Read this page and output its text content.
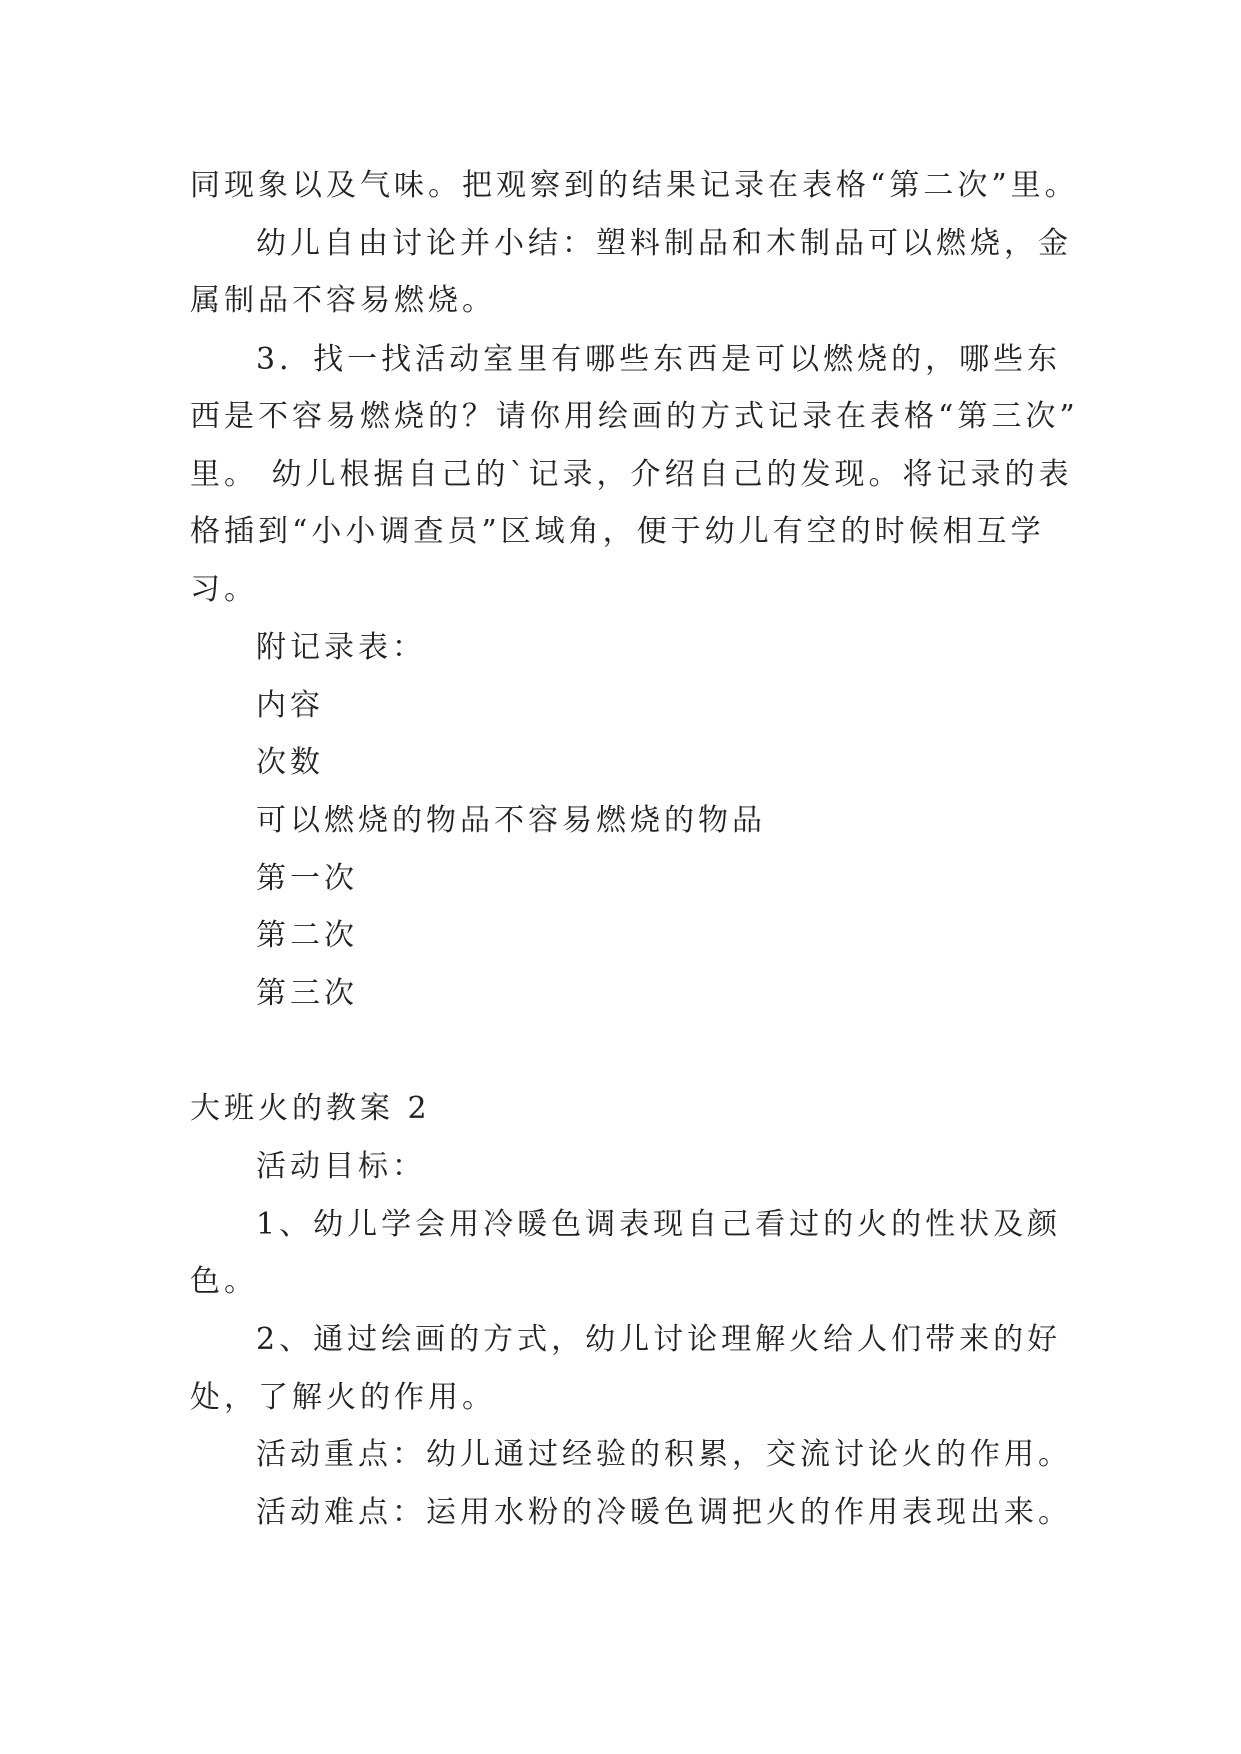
同现象以及气味。把观察到的结果记录在表格“第二次”里。
幼儿自由讨论并小结：塑料制品和木制品可以燃烧，金
属制品不容易燃烧。
3．找一找活动室里有哪些东西是可以燃烧的，哪些东
西是不容易燃烧的？请你用绘画的方式记录在表格“第三次”
里。 幼儿根据自己的`记录，介绍自己的发现。将记录的表
格插到“小小调查员”区域角，便于幼儿有空的时候相互学
习。
附记录表：
内容
次数
可以燃烧的物品不容易燃烧的物品
第一次
第二次
第三次
大班火的教案 2
活动目标：
1、幼儿学会用冷暖色调表现自己看过的火的性状及颜
色。
2、通过绘画的方式，幼儿讨论理解火给人们带来的好
处，了解火的作用。
活动重点：幼儿通过经验的积累，交流讨论火的作用。
活动难点：运用水粉的冷暖色调把火的作用表现出来。
